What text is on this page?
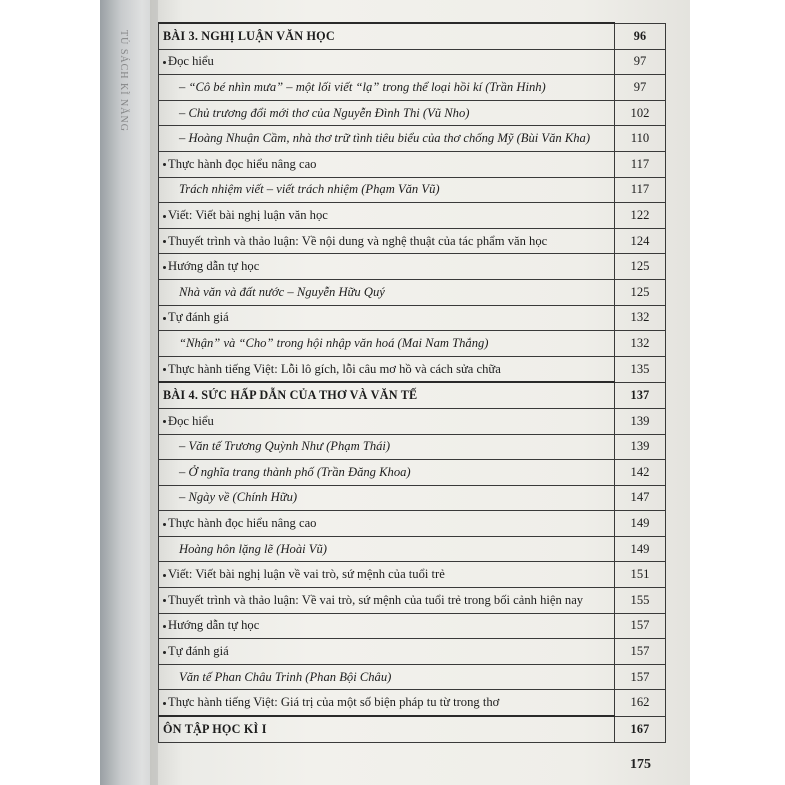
TỦ SÁCH KĨ NĂNG	BÀI 3. NGHỊ LUẬN VĂN HỌC	96
Đọc hiểu	97
– “Cô bé nhìn mưa” – một lối viết “lạ” trong thể loại hồi kí (Trần Hinh)	97
– Chủ trương đổi mới thơ của Nguyễn Đình Thi (Vũ Nho)	102
– Hoàng Nhuận Cầm, nhà thơ trữ tình tiêu biểu của thơ chống Mỹ (Bùi Văn Kha)	110
Thực hành đọc hiểu nâng cao	117
Trách nhiệm viết – viết trách nhiệm (Phạm Văn Vũ)	117
Viết: Viết bài nghị luận văn học	122
Thuyết trình và thảo luận: Về nội dung và nghệ thuật của tác phẩm văn học	124
Hướng dẫn tự học	125
Nhà văn và đất nước – Nguyễn Hữu Quý	125
Tự đánh giá	132
“Nhận” và “Cho” trong hội nhập văn hoá (Mai Nam Thắng)	132
Thực hành tiếng Việt: Lỗi lô gích, lỗi câu mơ hồ và cách sửa chữa	135
BÀI 4. SỨC HẤP DẪN CỦA THƠ VÀ VĂN TẾ	137
Đọc hiểu	139
– Văn tế Trương Quỳnh Như (Phạm Thái)	139
– Ở nghĩa trang thành phố (Trần Đăng Khoa)	142
– Ngày về (Chính Hữu)	147
Thực hành đọc hiểu nâng cao	149
Hoàng hôn lặng lẽ (Hoài Vũ)	149
Viết: Viết bài nghị luận về vai trò, sứ mệnh của tuổi trẻ	151
Thuyết trình và thảo luận: Về vai trò, sứ mệnh của tuổi trẻ trong bối cảnh hiện nay	155
Hướng dẫn tự học	157
Tự đánh giá	157
Văn tế Phan Châu Trinh (Phan Bội Châu)	157
Thực hành tiếng Việt: Giá trị của một số biện pháp tu từ trong thơ	162
ÔN TẬP HỌC KÌ I	167
175
